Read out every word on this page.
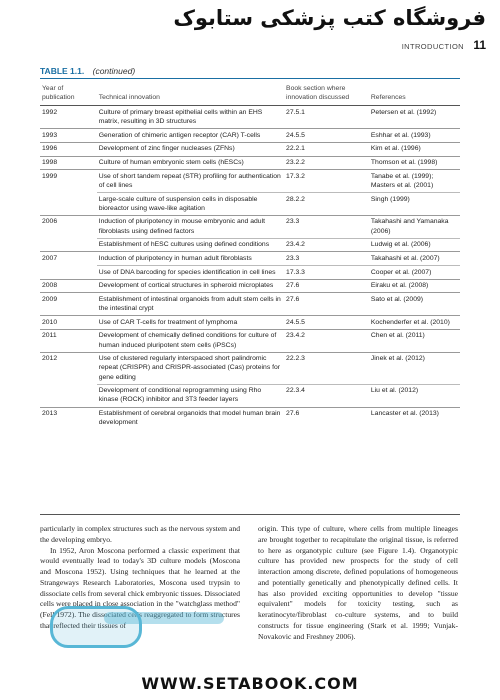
فروشگاه کتب پزشکی ستابوک
INTRODUCTION 11
TABLE 1.1. (continued)
Year of publication	Technical innovation	Book section where innovation discussed	References
1992	Culture of primary breast epithelial cells within an EHS matrix, resulting in 3D structures	27.5.1	Petersen et al. (1992)
1993	Generation of chimeric antigen receptor (CAR) T-cells	24.5.5	Eshhar et al. (1993)
1996	Development of zinc finger nucleases (ZFNs)	22.2.1	Kim et al. (1996)
1998	Culture of human embryonic stem cells (hESCs)	23.2.2	Thomson et al. (1998)
1999	Use of short tandem repeat (STR) profiling for authentication of cell lines	17.3.2	Tanabe et al. (1999); Masters et al. (2001)
	Large-scale culture of suspension cells in disposable bioreactor using wave-like agitation	28.2.2	Singh (1999)
2006	Induction of pluripotency in mouse embryonic and adult fibroblasts using defined factors	23.3	Takahashi and Yamanaka (2006)
	Establishment of hESC cultures using defined conditions	23.4.2	Ludwig et al. (2006)
2007	Induction of pluripotency in human adult fibroblasts	23.3	Takahashi et al. (2007)
	Use of DNA barcoding for species identification in cell lines	17.3.3	Cooper et al. (2007)
2008	Development of cortical structures in spheroid microplates	27.6	Eiraku et al. (2008)
2009	Establishment of intestinal organoids from adult stem cells in the intestinal crypt	27.6	Sato et al. (2009)
2010	Use of CAR T-cells for treatment of lymphoma	24.5.5	Kochenderfer et al. (2010)
2011	Development of chemically defined conditions for culture of human induced pluripotent stem cells (iPSCs)	23.4.2	Chen et al. (2011)
2012	Use of clustered regularly interspaced short palindromic repeat (CRISPR) and CRISPR-associated (Cas) proteins for gene editing	22.2.3	Jinek et al. (2012)
	Development of conditional reprogramming using Rho kinase (ROCK) inhibitor and 3T3 feeder layers	22.3.4	Liu et al. (2012)
2013	Establishment of cerebral organoids that model human brain development	27.6	Lancaster et al. (2013)

particularly in complex structures such as the nervous system and the developing embryo.

In 1952, Aron Moscona performed a classic experiment that would eventually lead to today's 3D culture models (Moscona and Moscona 1952). Using techniques that he learned at the Strangeways Research Laboratories, Moscona used trypsin to dissociate cells from several chick embryonic tissues. Dissociated cells were placed in close association in the "watchglass method" (Fell 1972). The dissociated cells reaggregated to form structures that reflected their tissues of

origin. This type of culture, where cells from multiple lineages are brought together to recapitulate the original tissue, is referred to here as organotypic culture (see Figure 1.4). Organotypic culture has provided new prospects for the study of cell interaction among discrete, defined populations of homogeneous and potentially genetically and phenotypically defined cells. It has also provided exciting opportunities to develop "tissue equivalent" models for toxicity testing, such as keratinocyte/fibroblast co-culture systems, and to build constructs for tissue engineering (Stark et al. 1999; Vunjak-Novakovic and Freshney 2006).

WWW.SETABOOK.COM
